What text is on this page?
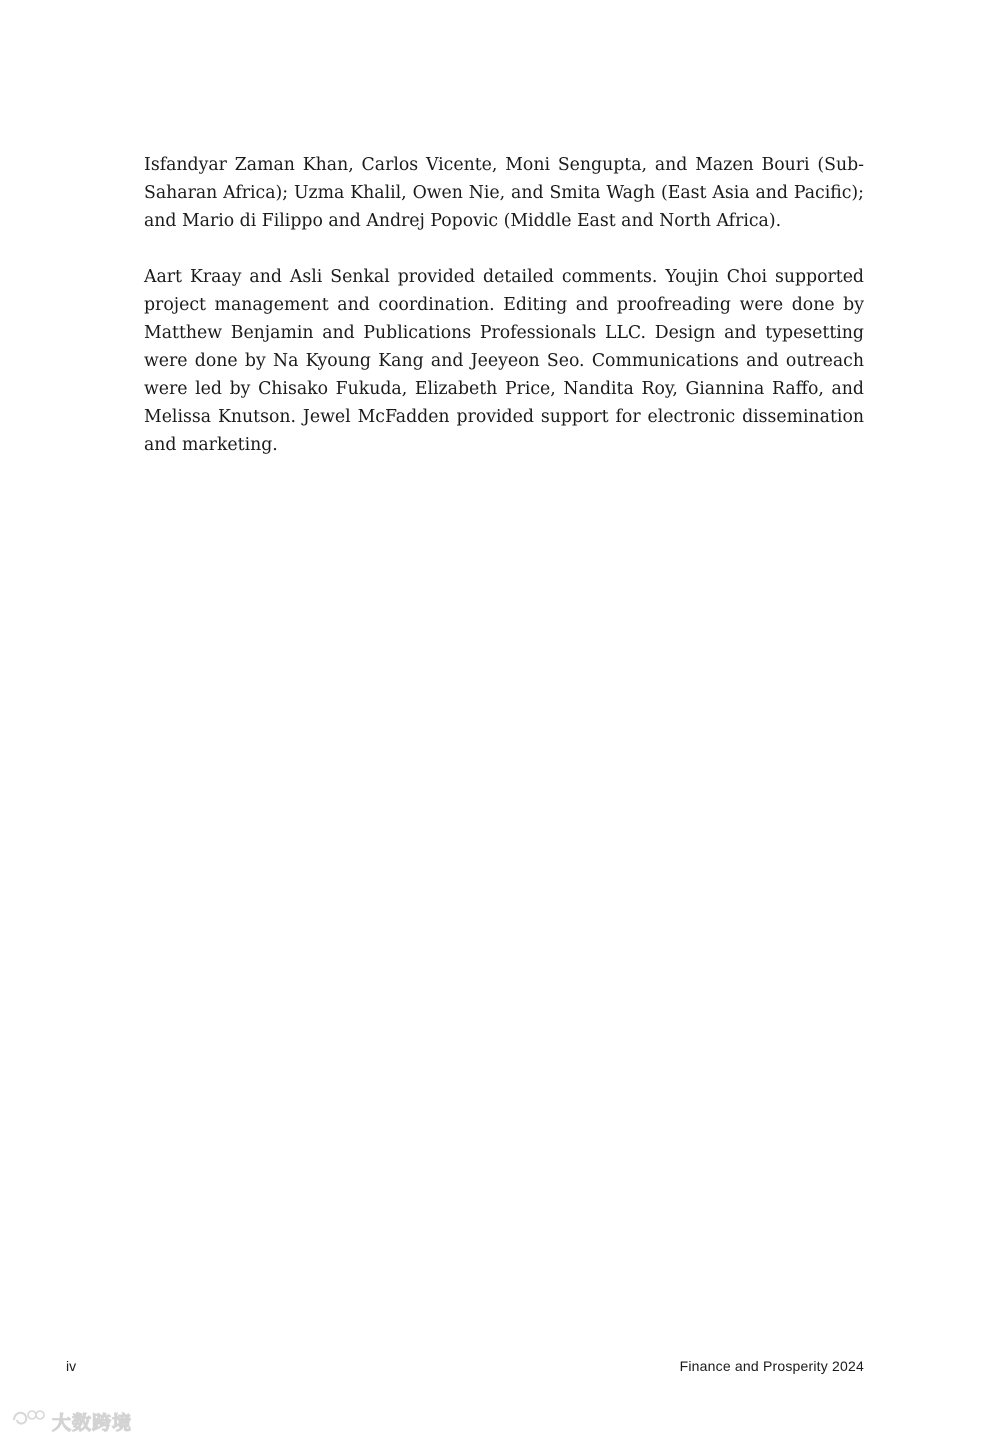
Isfandyar Zaman Khan, Carlos Vicente, Moni Sengupta, and Mazen Bouri (Sub-Saharan Africa); Uzma Khalil, Owen Nie, and Smita Wagh (East Asia and Pacific); and Mario di Filippo and Andrej Popovic (Middle East and North Africa).

Aart Kraay and Asli Senkal provided detailed comments. Youjin Choi supported project management and coordination. Editing and proofreading were done by Matthew Benjamin and Publications Professionals LLC. Design and typesetting were done by Na Kyoung Kang and Jeeyeon Seo. Communications and outreach were led by Chisako Fukuda, Elizabeth Price, Nandita Roy, Giannina Raffo, and Melissa Knutson. Jewel McFadden provided support for electronic dissemination and marketing.

iv	Finance and Prosperity 2024
大数跨境
